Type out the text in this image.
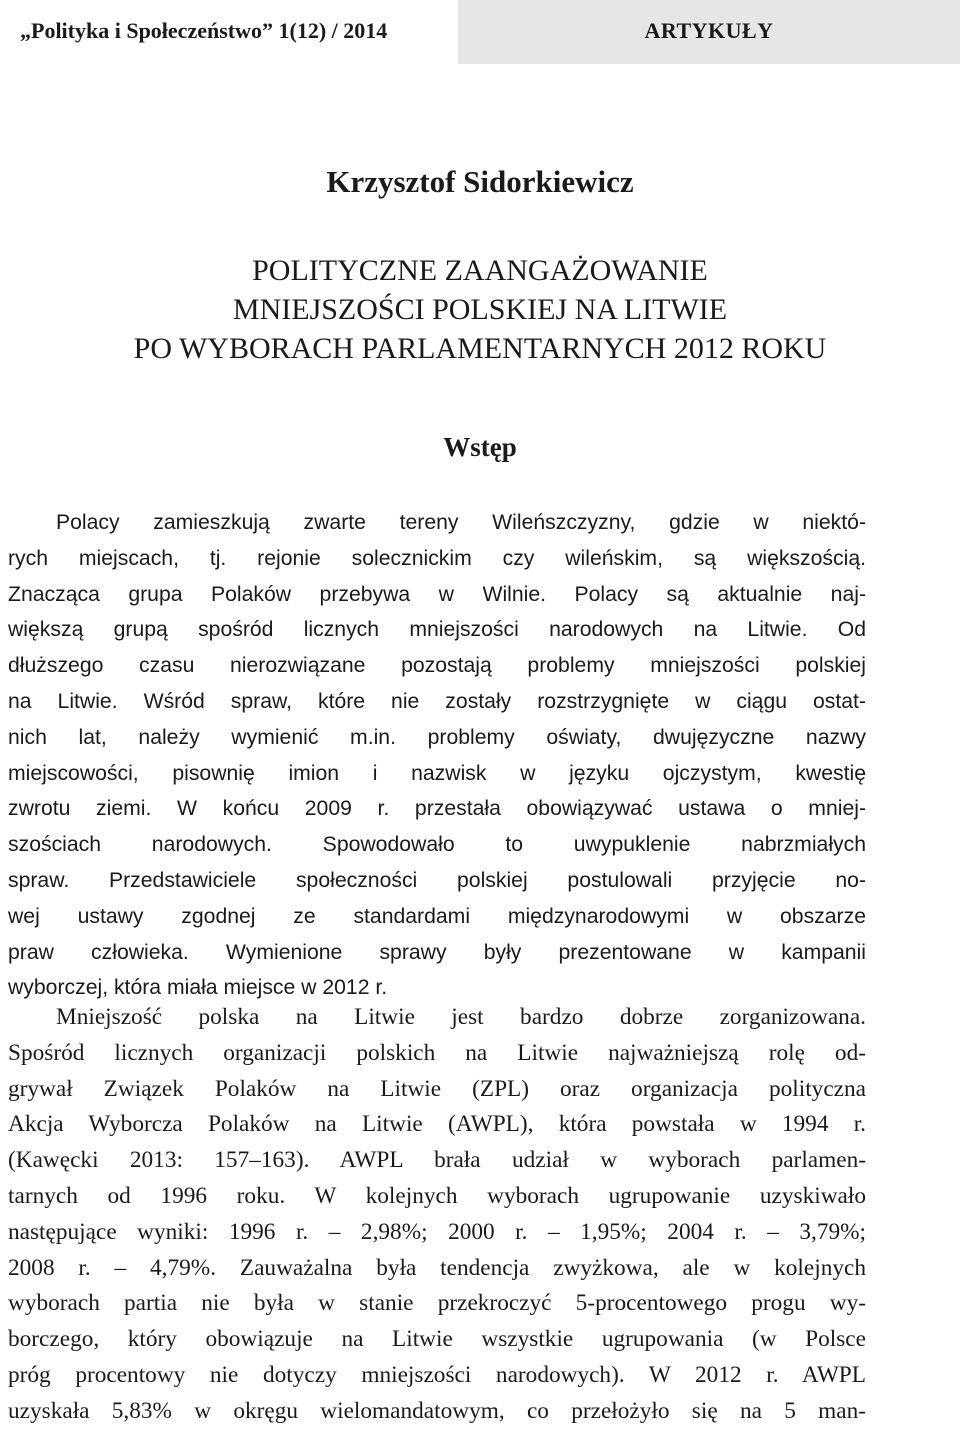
„Polityka i Społeczeństwo” 1(12) / 2014	ARTYKUŁY
Krzysztof Sidorkiewicz
POLITYCZNE ZAANGAŻOWANIE
MNIEJSZOŚCI POLSKIEJ NA LITWIE
PO WYBORACH PARLAMENTARNYCH 2012 ROKU
Wstęp
Polacy zamieszkują zwarte tereny Wileńszczyzny, gdzie w niektó-
rych miejscach, tj. rejonie solecznickim czy wileńskim, są większością.
Znacząca grupa Polaków przebywa w Wilnie. Polacy są aktualnie naj-
większą grupą spośród licznych mniejszości narodowych na Litwie. Od
dłuższego czasu nierozwiązane pozostają problemy mniejszości polskiej
na Litwie. Wśród spraw, które nie zostały rozstrzygnięte w ciągu ostat-
nich lat, należy wymienić m.in. problemy oświaty, dwujęzyczne nazwy
miejscowości, pisownię imion i nazwisk w języku ojczystym, kwestię
zwrotu ziemi. W końcu 2009 r. przestała obowiązywać ustawa o mniej-
szościach narodowych. Spowodowało to uwypuklenie nabrzmiałych
spraw. Przedstawiciele społeczności polskiej postulowali przyjęcie no-
wej ustawy zgodnej ze standardami międzynarodowymi w obszarze
praw człowieka. Wymienione sprawy były prezentowane w kampanii
wyborczej, która miała miejsce w 2012 r.
Mniejszość polska na Litwie jest bardzo dobrze zorganizowana.
Spośród licznych organizacji polskich na Litwie najważniejszą rolę od-
grywał Związek Polaków na Litwie (ZPL) oraz organizacja polityczna
Akcja Wyborcza Polaków na Litwie (AWPL), która powstała w 1994 r.
(Kawęcki 2013: 157–163). AWPL brała udział w wyborach parlamen-
tarnych od 1996 roku. W kolejnych wyborach ugrupowanie uzyskiwało
następujące wyniki: 1996 r. – 2,98%; 2000 r. – 1,95%; 2004 r. – 3,79%;
2008 r. – 4,79%. Zauważalna była tendencja zwyżkowa, ale w kolejnych
wyborach partia nie była w stanie przekroczyć 5-procentowego progu wy-
borczego, który obowiązuje na Litwie wszystkie ugrupowania (w Polsce
próg procentowy nie dotyczy mniejszości narodowych). W 2012 r. AWPL
uzyskała 5,83% w okręgu wielomandatowym, co przełożyło się na 5 man-
